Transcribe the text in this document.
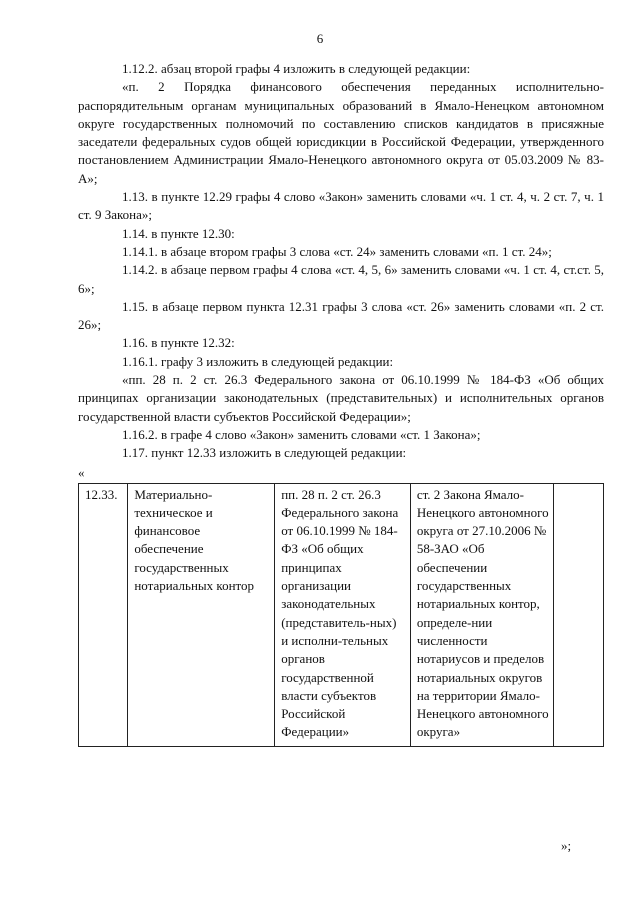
6

1.12.2. абзац второй графы 4 изложить в следующей редакции:

«п. 2 Порядка финансового обеспечения переданных исполнительно-распорядительным органам муниципальных образований в Ямало-Ненецком автономном округе государственных полномочий по составлению списков кандидатов в присяжные заседатели федеральных судов общей юрисдикции в Российской Федерации, утвержденного постановлением Администрации Ямало-Ненецкого автономного округа от 05.03.2009 № 83-А»;

1.13. в пункте 12.29 графы 4 слово «Закон» заменить словами «ч. 1 ст. 4, ч. 2 ст. 7, ч. 1 ст. 9 Закона»;

1.14. в пункте 12.30:

1.14.1. в абзаце втором графы 3 слова «ст. 24» заменить словами «п. 1 ст. 24»;

1.14.2. в абзаце первом графы 4 слова «ст. 4, 5, 6» заменить словами «ч. 1 ст. 4, ст.ст. 5, 6»;

1.15. в абзаце первом пункта 12.31 графы 3 слова «ст. 26» заменить словами «п. 2 ст. 26»;

1.16. в пункте 12.32:

1.16.1. графу 3 изложить в следующей редакции:

«пп. 28 п. 2 ст. 26.3 Федерального закона от 06.10.1999 № 184-ФЗ «Об общих принципах организации законодательных (представительных) и исполнительных органов государственной власти субъектов Российской Федерации»;

1.16.2. в графе 4 слово «Закон» заменить словами «ст. 1 Закона»;

1.17. пункт 12.33 изложить в следующей редакции:

«
12.33.	Материально-техническое и финансовое обеспечение государственных нотариальных контор	пп. 28 п. 2 ст. 26.3 Федерального закона от 06.10.1999 № 184-ФЗ «Об общих принципах организации законодательных (представитель-ных) и исполни-тельных органов государственной власти субъектов Российской Федерации»	ст. 2 Закона Ямало-Ненецкого автономного округа от 27.10.2006 № 58-ЗАО «Об обеспечении государственных нотариальных контор, определе-нии численности нотариусов и пределов нотариальных округов на территории Ямало-Ненецкого автономного округа»	
»;
